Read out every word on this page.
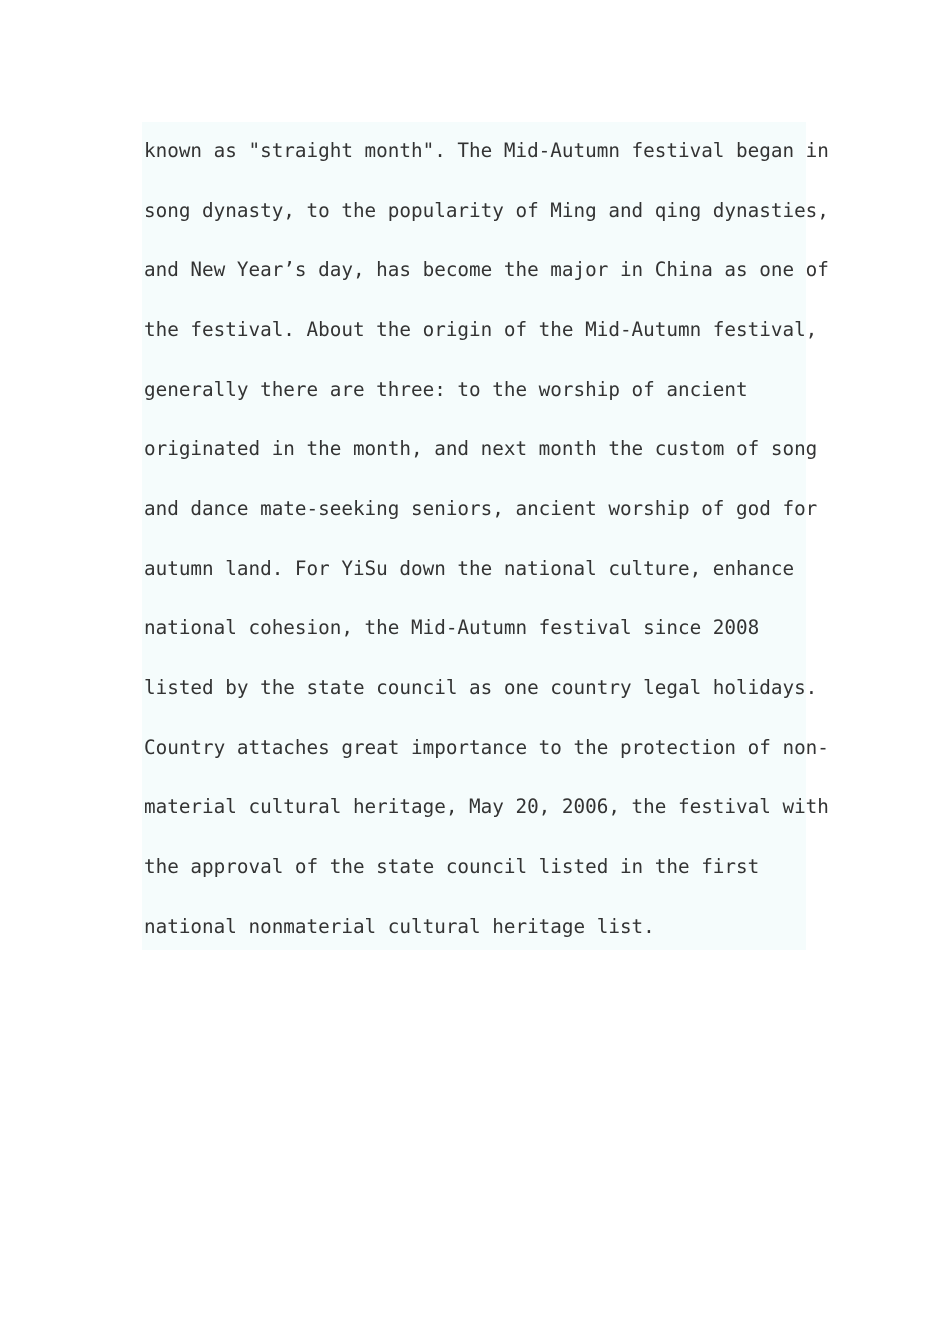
known as "straight month". The Mid-Autumn festival began in
song dynasty, to the popularity of Ming and qing dynasties,
and New Year’s day, has become the major in China as one of
the festival. About the origin of the Mid-Autumn festival,
generally there are three: to the worship of ancient
originated in the month, and next month the custom of song
and dance mate-seeking seniors, ancient worship of god for
autumn land. For YiSu down the national culture, enhance
national cohesion, the Mid-Autumn festival since 2008
listed by the state council as one country legal holidays.
Country attaches great importance to the protection of non-
material cultural heritage, May 20, 2006, the festival with
the approval of the state council listed in the first
national nonmaterial cultural heritage list.
